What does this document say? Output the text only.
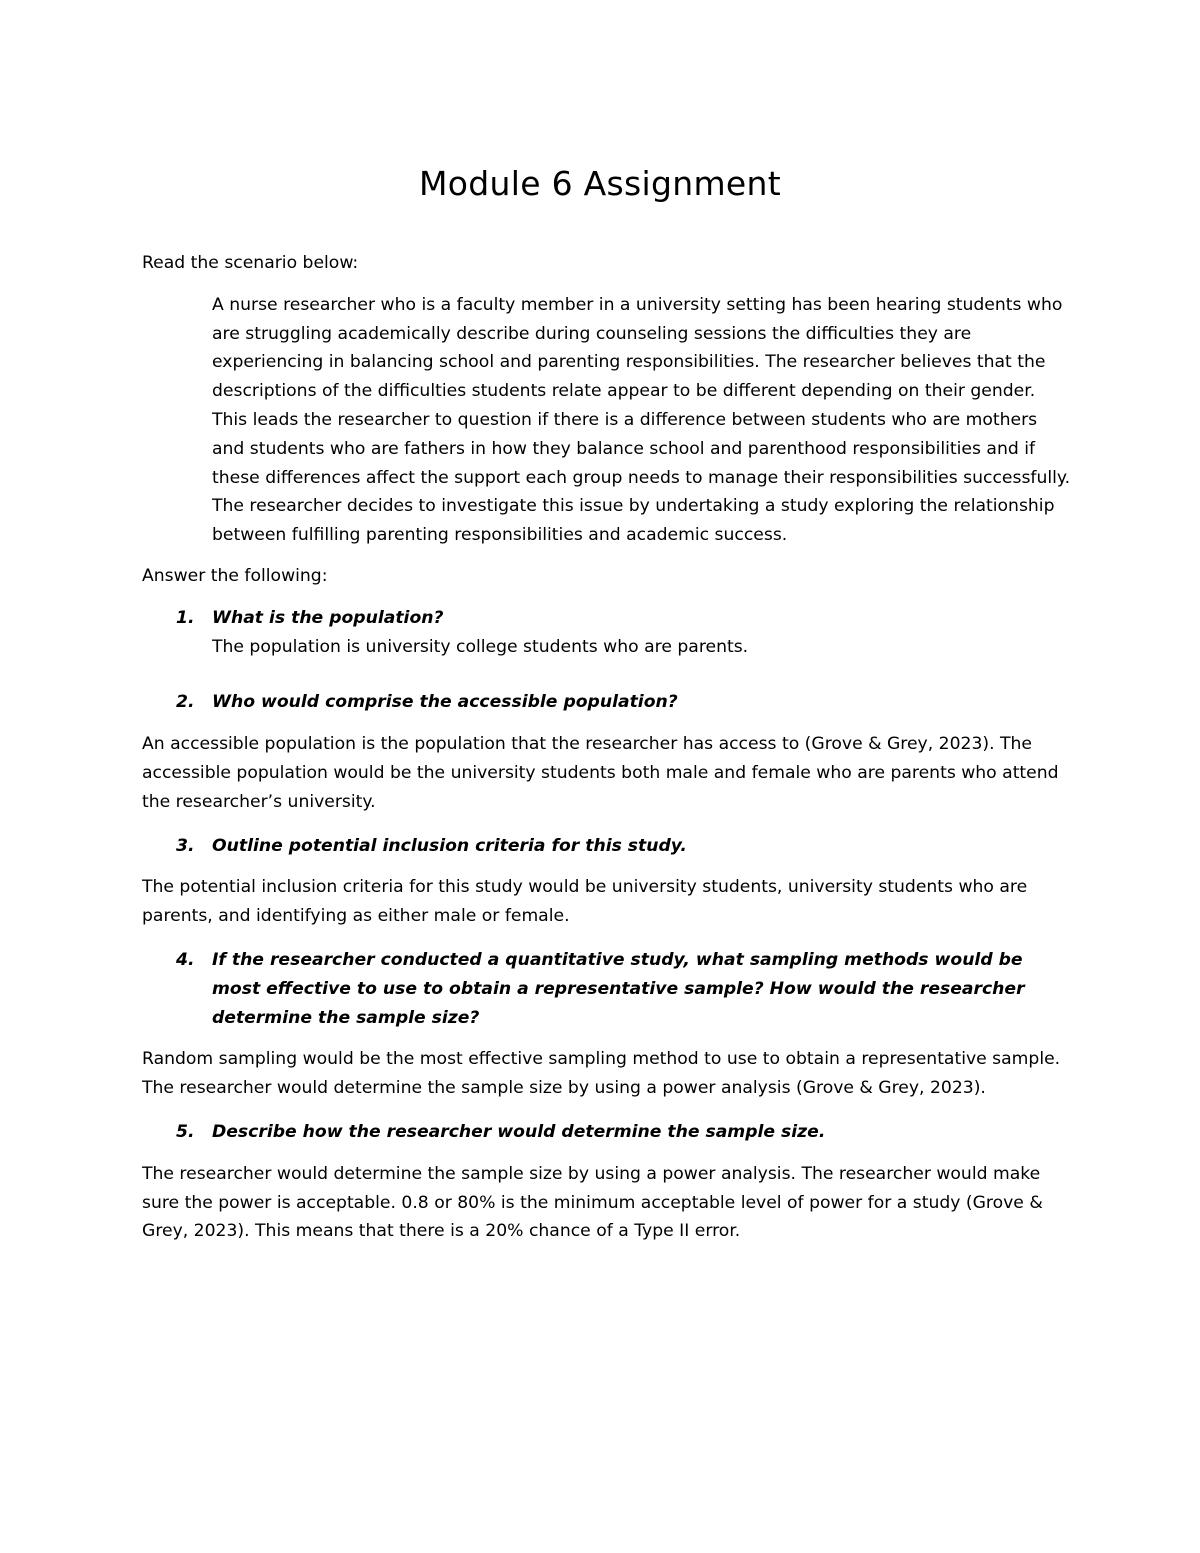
Module 6 Assignment

Read the scenario below:

A nurse researcher who is a faculty member in a university setting has been hearing students who are struggling academically describe during counseling sessions the difficulties they are experiencing in balancing school and parenting responsibilities. The researcher believes that the descriptions of the difficulties students relate appear to be different depending on their gender. This leads the researcher to question if there is a difference between students who are mothers and students who are fathers in how they balance school and parenthood responsibilities and if these differences affect the support each group needs to manage their responsibilities successfully. The researcher decides to investigate this issue by undertaking a study exploring the relationship between fulfilling parenting responsibilities and academic success.

Answer the following:

1.	What is the population?
The population is university college students who are parents.
2.	Who would comprise the accessible population?

An accessible population is the population that the researcher has access to (Grove & Grey, 2023). The accessible population would be the university students both male and female who are parents who attend the researcher’s university.

3.	Outline potential inclusion criteria for this study.

The potential inclusion criteria for this study would be university students, university students who are parents, and identifying as either male or female.

4.	If the researcher conducted a quantitative study, what sampling methods would be most effective to use to obtain a representative sample? How would the researcher determine the sample size?

Random sampling would be the most effective sampling method to use to obtain a representative sample. The researcher would determine the sample size by using a power analysis (Grove & Grey, 2023).

5.	Describe how the researcher would determine the sample size.

The researcher would determine the sample size by using a power analysis. The researcher would make sure the power is acceptable. 0.8 or 80% is the minimum acceptable level of power for a study (Grove & Grey, 2023). This means that there is a 20% chance of a Type II error.
